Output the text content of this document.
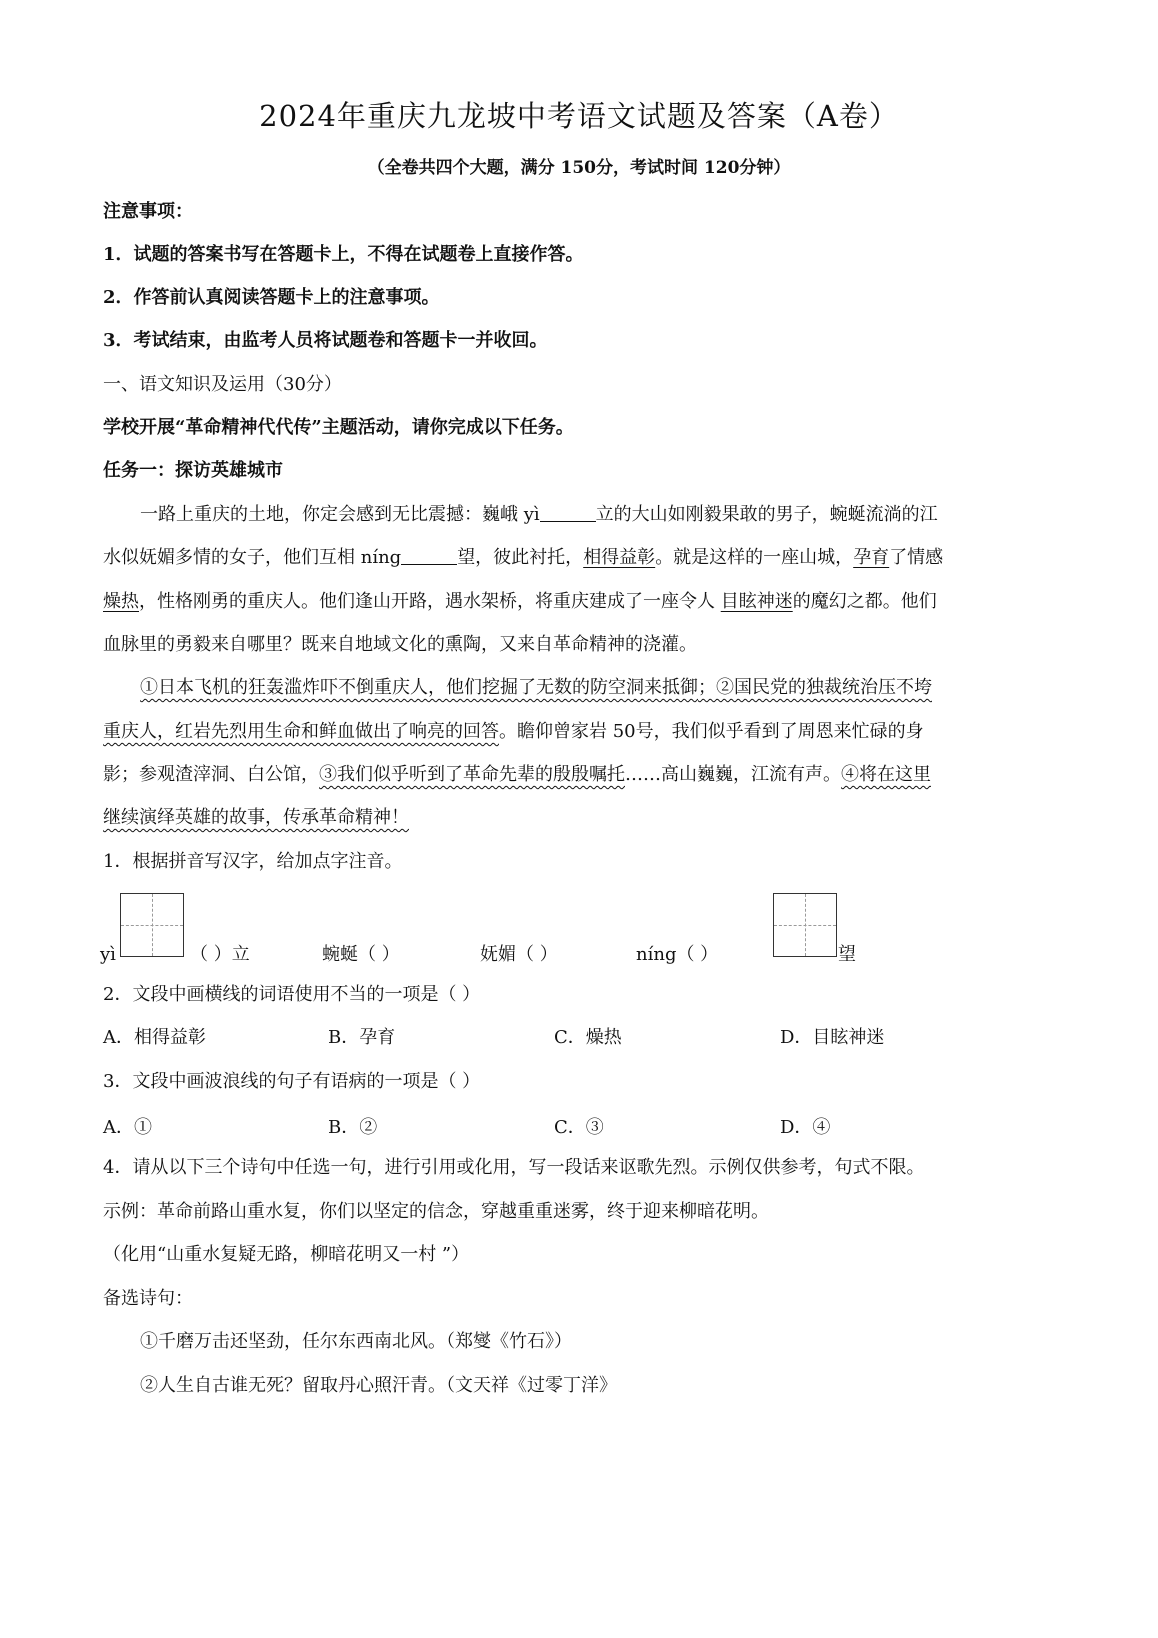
2024年重庆九龙坡中考语文试题及答案（A卷）
（全卷共四个大题，满分 150分，考试时间 120分钟）
注意事项：
1．试题的答案书写在答题卡上，不得在试题卷上直接作答。
2．作答前认真阅读答题卡上的注意事项。
3．考试结束，由监考人员将试题卷和答题卡一并收回。
一、语文知识及运用（30分）
学校开展“革命精神代代传”主题活动，请你完成以下任务。
任务一：探访英雄城市
一路上重庆的土地，你定会感到无比震撼：巍峨 yì	立的大山如刚毅果敢的男子，蜿蜒流淌的江
水似妩媚多情的女子，他们互相 níng	望，彼此衬托，相得益彰。就是这样的一座山城，孕育了情感
燥热，性格刚勇的重庆人。他们逢山开路，遇水架桥，将重庆建成了一座令人 目眩神迷的魔幻之都。他们
血脉里的勇毅来自哪里？既来自地域文化的熏陶，又来自革命精神的浇灌。
①日本飞机的狂轰滥炸吓不倒重庆人，他们挖掘了无数的防空洞来抵御；②国民党的独裁统治压不垮
重庆人，红岩先烈用生命和鲜血做出了响亮的回答。瞻仰曾家岩 50号，我们似乎看到了周恩来忙碌的身
影；参观渣滓洞、白公馆，③我们似乎听到了革命先辈的殷殷嘱托……高山巍巍，江流有声。④将在这里
继续演绎英雄的故事，传承革命精神！
1．根据拼音写汉字，给加点字注音。
yì	（ ）立	蜿蜒（ ）	妩媚（ ）	níng（ ）	望
2．文段中画横线的词语使用不当的一项是（ ）
A．相得益彰	B．孕育	C．燥热	D．目眩神迷
3．文段中画波浪线的句子有语病的一项是（ ）
A．①	B．②	C．③	D．④
4．请从以下三个诗句中任选一句，进行引用或化用，写一段话来讴歌先烈。示例仅供参考，句式不限。
示例：革命前路山重水复，你们以坚定的信念，穿越重重迷雾，终于迎来柳暗花明。
（化用“山重水复疑无路，柳暗花明又一村 ”）
备选诗句：
①千磨万击还坚劲，任尔东西南北风。（郑燮《竹石》）
②人生自古谁无死？留取丹心照汗青。（文天祥《过零丁洋》
